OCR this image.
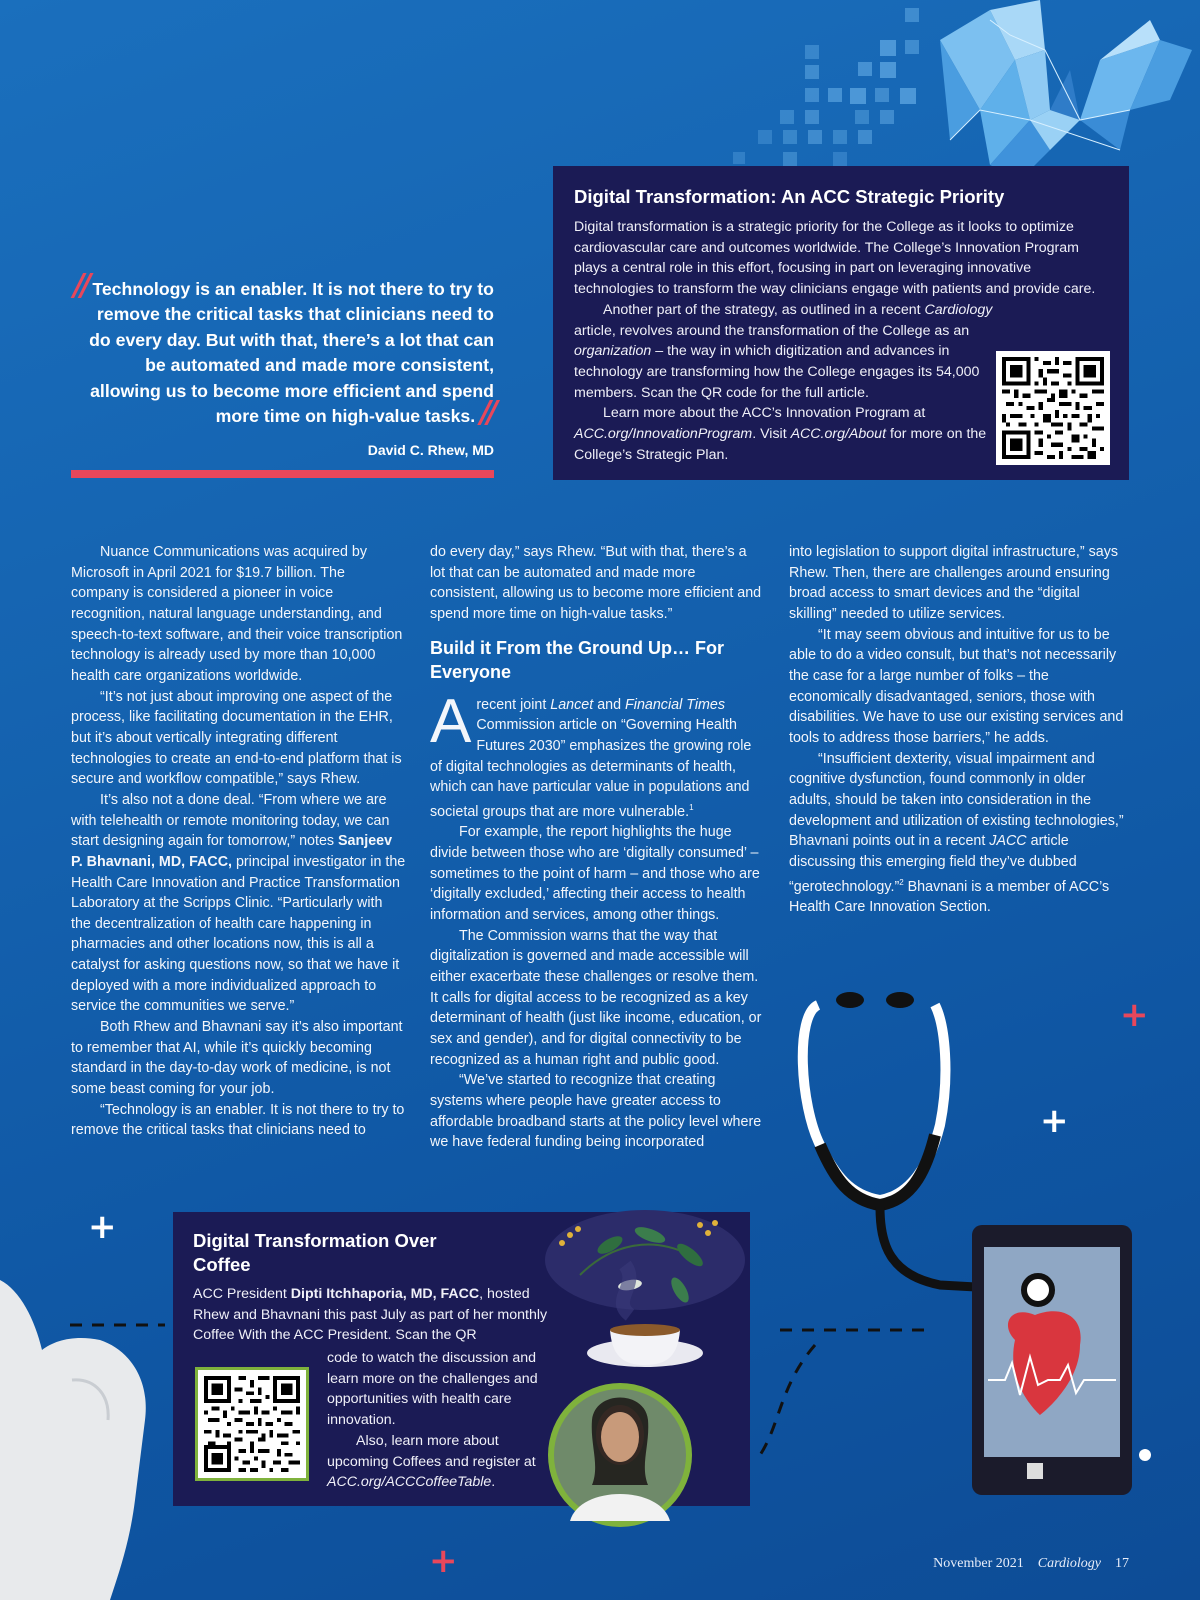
Digital Transformation: An ACC Strategic Priority

Digital transformation is a strategic priority for the College as it looks to optimize cardiovascular care and outcomes worldwide. The College’s Innovation Program plays a central role in this effort, focusing in part on leveraging innovative technologies to transform the way clinicians engage with patients and provide care.

Another part of the strategy, as outlined in a recent Cardiology article, revolves around the transformation of the College as an organization – the way in which digitization and advances in technology are transforming how the College engages its 54,000 members. Scan the QR code for the full article.

Learn more about the ACC’s Innovation Program at ACC.org/InnovationProgram. Visit ACC.org/About for more on the College’s Strategic Plan.

// Technology is an enabler. It is not there to try to remove the critical tasks that clinicians need to do every day. But with that, there’s a lot that can be automated and made more consistent, allowing us to become more efficient and spend more time on high-value tasks. //
David C. Rhew, MD

Nuance Communications was acquired by Microsoft in April 2021 for $19.7 billion. The company is considered a pioneer in voice recognition, natural language understanding, and speech-to-text software, and their voice transcription technology is already used by more than 10,000 health care organizations worldwide.

“It’s not just about improving one aspect of the process, like facilitating documentation in the EHR, but it’s about vertically integrating different technologies to create an end-to-end platform that is secure and workflow compatible,” says Rhew.

It’s also not a done deal. “From where we are with telehealth or remote monitoring today, we can start designing again for tomorrow,” notes Sanjeev P. Bhavnani, MD, FACC, principal investigator in the Health Care Innovation and Practice Transformation Laboratory at the Scripps Clinic. “Particularly with the decentralization of health care happening in pharmacies and other locations now, this is all a catalyst for asking questions now, so that we have it deployed with a more individualized approach to service the communities we serve.”

Both Rhew and Bhavnani say it’s also important to remember that AI, while it’s quickly becoming standard in the day-to-day work of medicine, is not some beast coming for your job.

“Technology is an enabler. It is not there to try to remove the critical tasks that clinicians need to

do every day,” says Rhew. “But with that, there’s a lot that can be automated and made more consistent, allowing us to become more efficient and spend more time on high-value tasks.”

Build it From the Ground Up… For Everyone

A recent joint Lancet and Financial Times Commission article on “Governing Health Futures 2030” emphasizes the growing role of digital technologies as determinants of health, which can have particular value in populations and societal groups that are more vulnerable.$^1$

For example, the report highlights the huge divide between those who are ‘digitally consumed’ – sometimes to the point of harm – and those who are ‘digitally excluded,’ affecting their access to health information and services, among other things.

The Commission warns that the way that digitalization is governed and made accessible will either exacerbate these challenges or resolve them. It calls for digital access to be recognized as a key determinant of health (just like income, education, or sex and gender), and for digital connectivity to be recognized as a human right and public good.

“We’ve started to recognize that creating systems where people have greater access to affordable broadband starts at the policy level where we have federal funding being incorporated

into legislation to support digital infrastructure,” says Rhew. Then, there are challenges around ensuring broad access to smart devices and the “digital skilling” needed to utilize services.

“It may seem obvious and intuitive for us to be able to do a video consult, but that’s not necessarily the case for a large number of folks – the economically disadvantaged, seniors, those with disabilities. We have to use our existing services and tools to address those barriers,” he adds.

“Insufficient dexterity, visual impairment and cognitive dysfunction, found commonly in older adults, should be taken into consideration in the development and utilization of existing technologies,” Bhavnani points out in a recent JACC article discussing this emerging field they’ve dubbed “gerotechnology.”$^2$ Bhavnani is a member of ACC’s Health Care Innovation Section.

Digital Transformation Over Coffee

ACC President Dipti Itchhaporia, MD, FACC, hosted Rhew and Bhavnani this past July as part of her monthly Coffee With the ACC President. Scan the QR

code to watch the discussion and learn more on the challenges and opportunities with health care innovation.

Also, learn more about upcoming Coffees and register at ACC.org/ACCCoffeeTable.

+
+
+
+
November 2021 Cardiology 17
